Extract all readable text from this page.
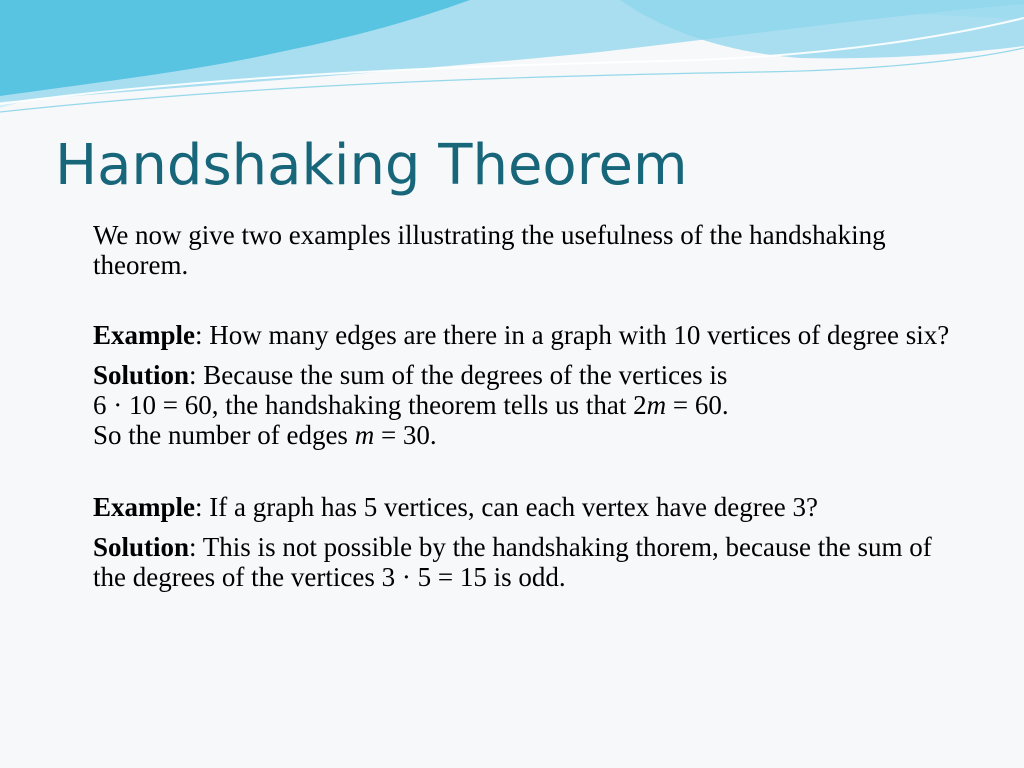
Handshaking Theorem

We now give two examples illustrating the usefulness of the handshaking theorem.

Example: How many edges are there in a graph with 10 vertices of degree six?

Solution: Because the sum of the degrees of the vertices is
6 · 10 = 60, the handshaking theorem tells us that 2m = 60.
So the number of edges m = 30.

Example: If a graph has 5 vertices, can each vertex have degree 3?

Solution: This is not possible by the handshaking thorem, because the sum of the degrees of the vertices 3 · 5 = 15 is odd.
